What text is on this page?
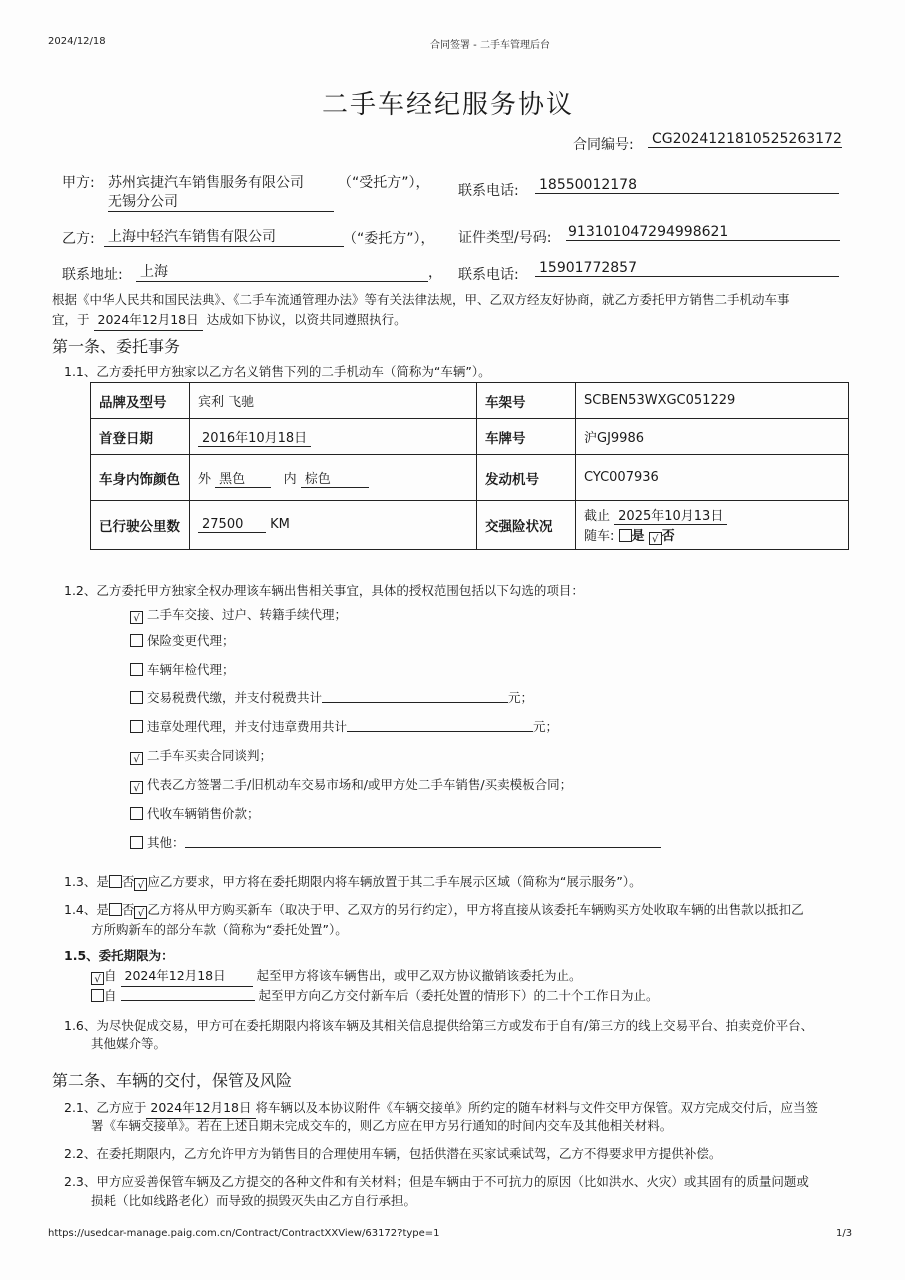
2024/12/18	合同签署 - 二手车管理后台
二手车经纪服务协议
合同编号: CG2024121810525263172
甲方: 苏州宾捷汽车销售服务有限公司
无锡分公司
（“受托方”）， 联系电话: 18550012178
乙方: 上海中轻汽车销售有限公司	（“委托方”）， 证件类型/号码: 913101047294998621
联系地址: 上海	， 联系电话: 15901772857
根据《中华人民共和国民法典》、《二手车流通管理办法》等有关法律法规，甲、乙双方经友好协商，就乙方委托甲方销售二手机动车事
宜，于 2024年12月18日 达成如下协议，以资共同遵照执行。
第一条、委托事务
1.1、乙方委托甲方独家以乙方名义销售下列的二手机动车（简称为“车辆”）。
品牌及型号	宾利 飞驰	车架号	SCBEN53WXGC051229
首登日期	2016年10月18日	车牌号	沪GJ9986
车身内饰颜色	外 黑色 内 棕色	发动机号	CYC007936
已行驶公里数	27500 KM	交强险状况	截止 2025年10月13日
随车: 是 √ 否
1.2、乙方委托甲方独家全权办理该车辆出售相关事宜，具体的授权范围包括以下勾选的项目：
√ 二手车交接、过户、转籍手续代理；
保险变更代理；
车辆年检代理；
交易税费代缴，并支付税费共计	元；
违章处理代理，并支付违章费用共计	元；
√ 二手车买卖合同谈判；
√ 代表乙方签署二手/旧机动车交易市场和/或甲方处二手车销售/买卖模板合同；
代收车辆销售价款；
其他：
1.3、是 否 √ 应乙方要求，甲方将在委托期限内将车辆放置于其二手车展示区域（简称为“展示服务”）。
1.4、是 否 √ 乙方将从甲方购买新车（取决于甲、乙双方的另行约定），甲方将直接从该委托车辆购买方处收取车辆的出售款以抵扣乙
方所购新车的部分车款（简称为“委托处置”）。
1.5、委托期限为：
√ 自 2024年12月18日 起至甲方将该车辆售出，或甲乙双方协议撤销该委托为止。
自	起至甲方向乙方交付新车后（委托处置的情形下）的二十个工作日为止。
1.6、为尽快促成交易，甲方可在委托期限内将该车辆及其相关信息提供给第三方或发布于自有/第三方的线上交易平台、拍卖竞价平台、
其他媒介等。
第二条、车辆的交付，保管及风险
2.1、乙方应于 2024年12月18日 将车辆以及本协议附件《车辆交接单》所约定的随车材料与文件交甲方保管。双方完成交付后，应当签
署《车辆交接单》。若在上述日期未完成交车的，则乙方应在甲方另行通知的时间内交车及其他相关材料。
2.2、在委托期限内，乙方允许甲方为销售目的合理使用车辆，包括供潜在买家试乘试驾，乙方不得要求甲方提供补偿。
2.3、甲方应妥善保管车辆及乙方提交的各种文件和有关材料；但是车辆由于不可抗力的原因（比如洪水、火灾）或其固有的质量问题或
损耗（比如线路老化）而导致的损毁灭失由乙方自行承担。
https://usedcar-manage.paig.com.cn/Contract/ContractXXView/63172?type=1	1/3
